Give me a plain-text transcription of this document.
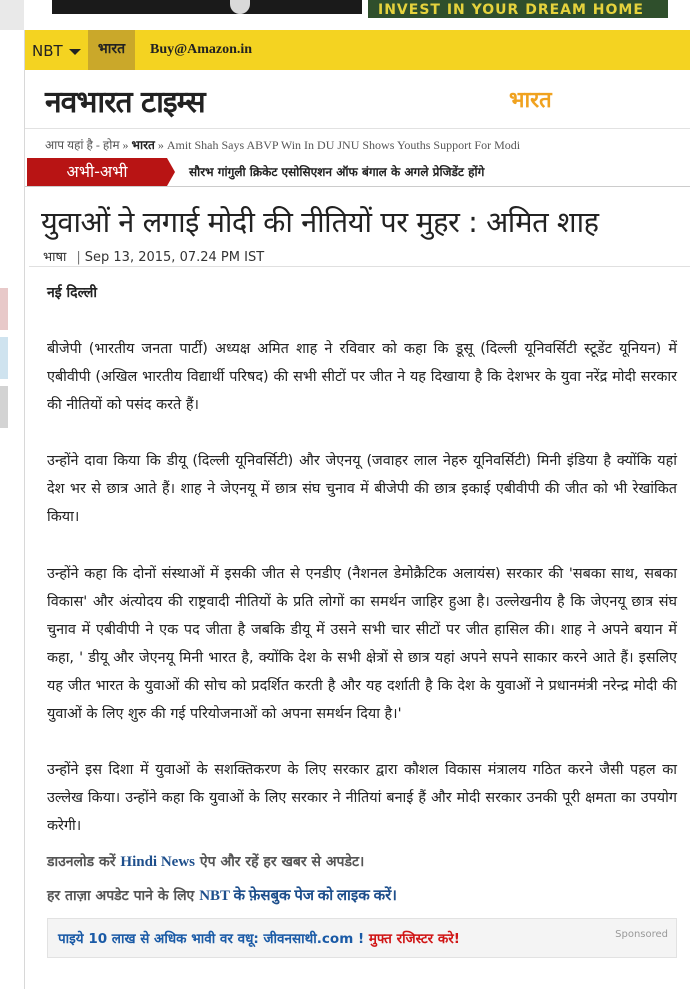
INVEST IN YOUR DREAM HOME
NBT	भारत	Buy@Amazon.in
नवभारत टाइम्स	भारत
आप यहां है - होम » भारत » Amit Shah Says ABVP Win In DU JNU Shows Youths Support For Modi
अभी-अभी	सौरभ गांगुली क्रिकेट एसोसिएशन ऑफ बंगाल के अगले प्रेजिडेंट होंगे
युवाओं ने लगाई मोदी की नीतियों पर मुहर : अमित शाह
भाषा | Sep 13, 2015, 07.24 PM IST
नई दिल्ली
बीजेपी (भारतीय जनता पार्टी) अध्यक्ष अमित शाह ने रविवार को कहा कि डूसू (दिल्ली यूनिवर्सिटी स्टूडेंट यूनियन) में एबीवीपी (अखिल भारतीय विद्यार्थी परिषद) की सभी सीटों पर जीत ने यह दिखाया है कि देशभर के युवा नरेंद्र मोदी सरकार की नीतियों को पसंद करते हैं।
उन्होंने दावा किया कि डीयू (दिल्ली यूनिवर्सिटी) और जेएनयू (जवाहर लाल नेहरु यूनिवर्सिटी) मिनी इंडिया है क्योंकि यहां देश भर से छात्र आते हैं। शाह ने जेएनयू में छात्र संघ चुनाव में बीजेपी की छात्र इकाई एबीवीपी की जीत को भी रेखांकित किया।
उन्होंने कहा कि दोनों संस्थाओं में इसकी जीत से एनडीए (नैशनल डेमोक्रैटिक अलायंस) सरकार की 'सबका साथ, सबका विकास' और अंत्योदय की राष्ट्रवादी नीतियों के प्रति लोगों का समर्थन जाहिर हुआ है। उल्लेखनीय है कि जेएनयू छात्र संघ चुनाव में एबीवीपी ने एक पद जीता है जबकि डीयू में उसने सभी चार सीटों पर जीत हासिल की। शाह ने अपने बयान में कहा, ' डीयू और जेएनयू मिनी भारत है, क्योंकि देश के सभी क्षेत्रों से छात्र यहां अपने सपने साकार करने आते हैं। इसलिए यह जीत भारत के युवाओं की सोच को प्रदर्शित करती है और यह दर्शाती है कि देश के युवाओं ने प्रधानमंत्री नरेन्द्र मोदी की युवाओं के लिए शुरु की गई परियोजनाओं को अपना समर्थन दिया है।'
उन्होंने इस दिशा में युवाओं के सशक्तिकरण के लिए सरकार द्वारा कौशल विकास मंत्रालय गठित करने जैसी पहल का उल्लेख किया। उन्होंने कहा कि युवाओं के लिए सरकार ने नीतियां बनाई हैं और मोदी सरकार उनकी पूरी क्षमता का उपयोग करेगी।
डाउनलोड करें Hindi News ऐप और रहें हर खबर से अपडेट।
हर ताज़ा अपडेट पाने के लिए NBT के फ़ेसबुक पेज को लाइक करें।
पाइये 10 लाख से अधिक भावी वर वधू: जीवनसाथी.com ! मुफ्त रजिस्टर करे!	Sponsored
